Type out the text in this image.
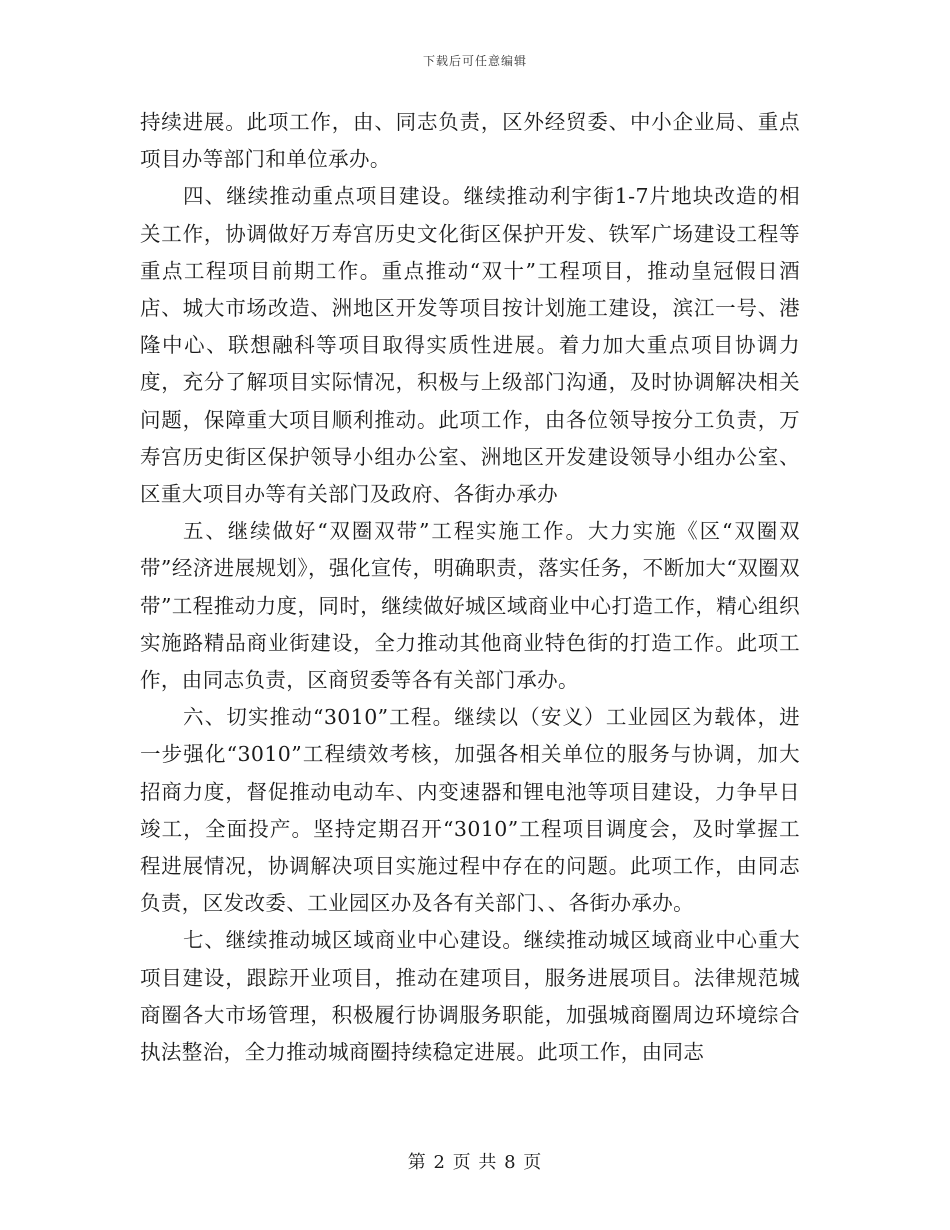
下载后可任意编辑

持续进展。此项工作，由、同志负责，区外经贸委、中小企业局、重点项目办等部门和单位承办。

四、继续推动重点项目建设。继续推动利宇街1-7片地块改造的相关工作，协调做好万寿宫历史文化街区保护开发、铁军广场建设工程等重点工程项目前期工作。重点推动“双十”工程项目，推动皇冠假日酒店、城大市场改造、洲地区开发等项目按计划施工建设，滨江一号、港隆中心、联想融科等项目取得实质性进展。着力加大重点项目协调力度，充分了解项目实际情况，积极与上级部门沟通，及时协调解决相关问题，保障重大项目顺利推动。此项工作，由各位领导按分工负责，万寿宫历史街区保护领导小组办公室、洲地区开发建设领导小组办公室、区重大项目办等有关部门及政府、各街办承办

五、继续做好“双圈双带”工程实施工作。大力实施《区“双圈双带”经济进展规划》，强化宣传，明确职责，落实任务，不断加大“双圈双带”工程推动力度，同时，继续做好城区域商业中心打造工作，精心组织实施路精品商业街建设，全力推动其他商业特色街的打造工作。此项工作，由同志负责，区商贸委等各有关部门承办。

六、切实推动“3010”工程。继续以（安义）工业园区为载体，进一步强化“3010”工程绩效考核，加强各相关单位的服务与协调，加大招商力度，督促推动电动车、内变速器和锂电池等项目建设，力争早日竣工，全面投产。坚持定期召开“3010”工程项目调度会，及时掌握工程进展情况，协调解决项目实施过程中存在的问题。此项工作，由同志负责，区发改委、工业园区办及各有关部门、、各街办承办。

七、继续推动城区域商业中心建设。继续推动城区域商业中心重大项目建设，跟踪开业项目，推动在建项目，服务进展项目。法律规范城商圈各大市场管理，积极履行协调服务职能，加强城商圈周边环境综合执法整治，全力推动城商圈持续稳定进展。此项工作，由同志

第 2 页 共 8 页
